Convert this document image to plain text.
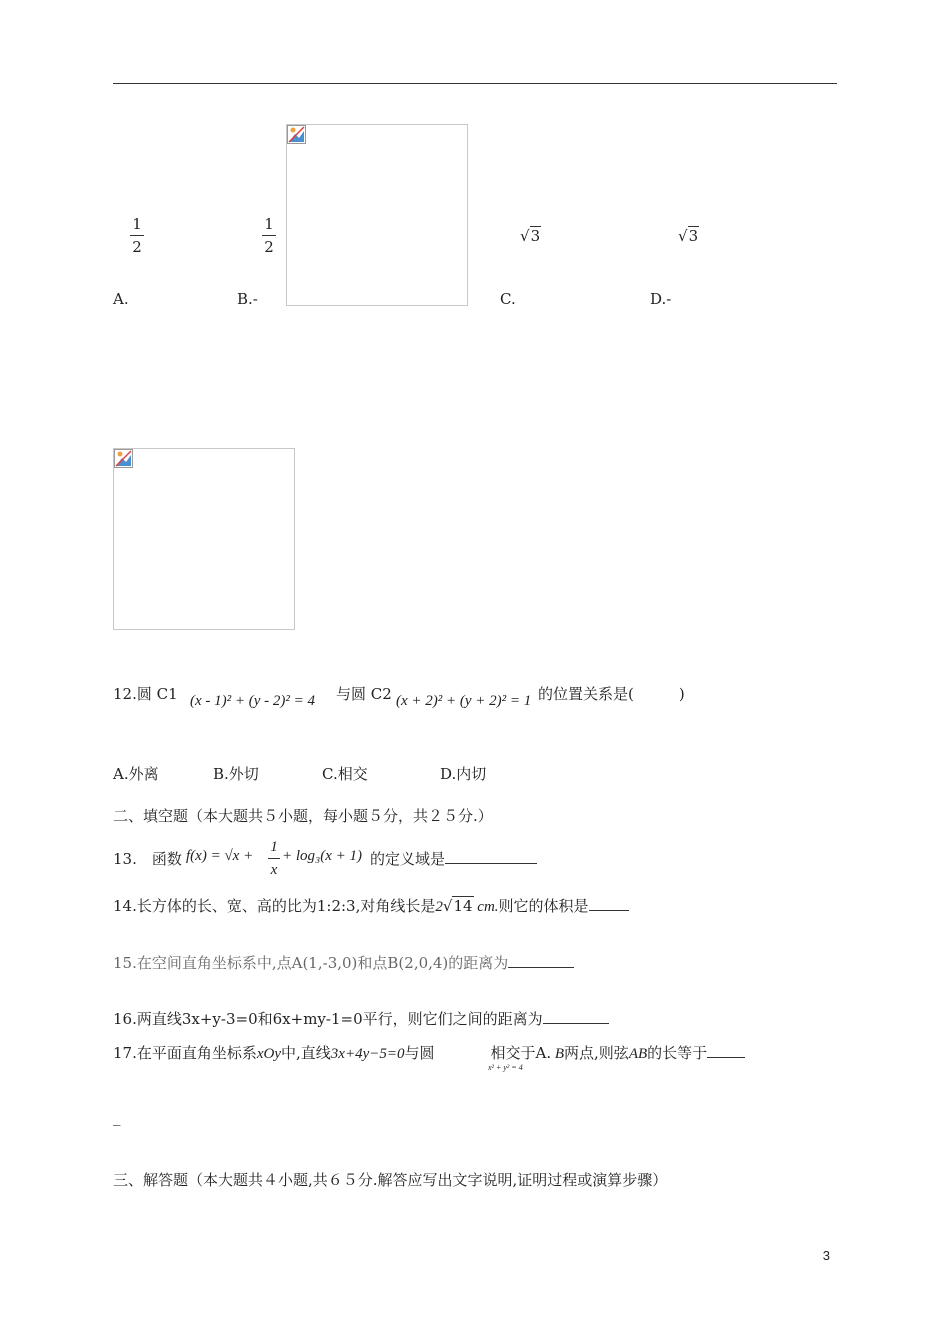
1
2
1
2
√3	√3
A.	B.-	C.	D.-
12.圆 C1 (x - 1)² + (y - 2)² = 4 与圆 C2 (x + 2)² + (y + 2)² = 1 的位置关系是(　　　)
A.外离	B.外切	C.相交	D.内切
二、填空题（本大题共５小题，每小题５分，共２５分.）
13.　函数 f(x) = √x +
1
x
+ log₃(x + 1) 的定义域是
14.长方体的长、宽、高的比为1:2:3,对角线长是2√14 cm.则它的体积是
15.在空间直角坐标系中,点A(1,-3,0)和点B(2,0,4)的距离为
16.两直线3x+y-3=0和6x+my-1=0平行，则它们之间的距离为
17.在平面直角坐标系xOy中,直线3x+4y−5=0与圆	相交于A. B两点,则弦AB的长等于
x² + y² = 4
_
三、解答题（本大题共４小题,共６５分.解答应写出文字说明,证明过程或演算步骤）
3
